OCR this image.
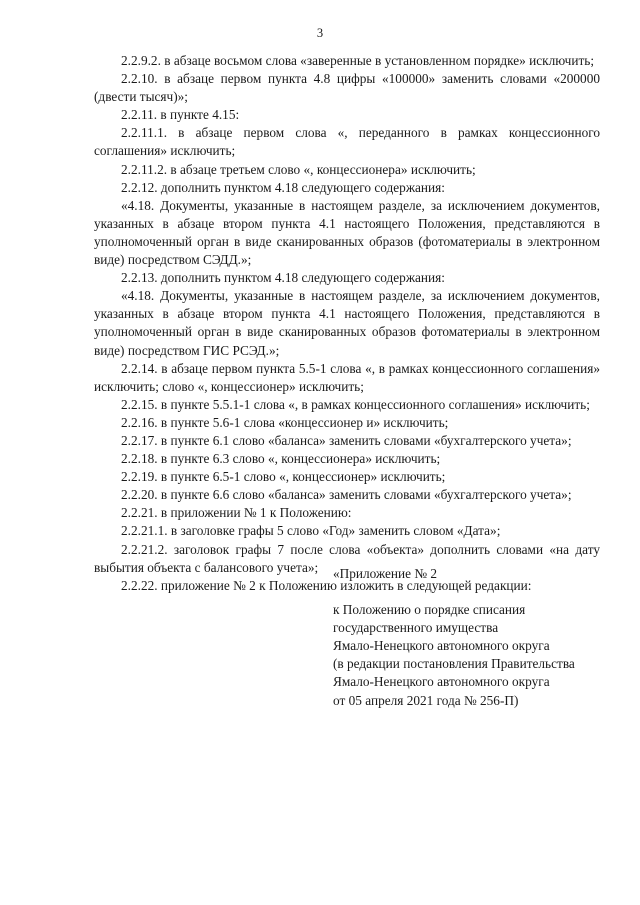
3

2.2.9.2. в абзаце восьмом слова «заверенные в установленном порядке» исключить;

2.2.10. в абзаце первом пункта 4.8 цифры «100000» заменить словами «200000 (двести тысяч)»;

2.2.11. в пункте 4.15:

2.2.11.1. в абзаце первом слова «, переданного в рамках концессионного соглашения» исключить;

2.2.11.2. в абзаце третьем слово «, концессионера» исключить;

2.2.12. дополнить пунктом 4.18 следующего содержания:

«4.18. Документы, указанные в настоящем разделе, за исключением документов, указанных в абзаце втором пункта 4.1 настоящего Положения, представляются в уполномоченный орган в виде сканированных образов (фотоматериалы в электронном виде) посредством СЭДД.»;

2.2.13. дополнить пунктом 4.18 следующего содержания:

«4.18. Документы, указанные в настоящем разделе, за исключением документов, указанных в абзаце втором пункта 4.1 настоящего Положения, представляются в уполномоченный орган в виде сканированных образов фотоматериалы в электронном виде) посредством ГИС РСЭД.»;

2.2.14. в абзаце первом пункта 5.5-1 слова «, в рамках концессионного соглашения» исключить; слово «, концессионер» исключить;

2.2.15. в пункте 5.5.1-1 слова «, в рамках концессионного соглашения» исключить;

2.2.16. в пункте 5.6-1 слова «концессионер и» исключить;

2.2.17. в пункте 6.1 слово «баланса» заменить словами «бухгалтерского учета»;

2.2.18. в пункте 6.3 слово «, концессионера» исключить;

2.2.19. в пункте 6.5-1 слово «, концессионер» исключить;

2.2.20. в пункте 6.6 слово «баланса» заменить словами «бухгалтерского учета»;

2.2.21. в приложении № 1 к Положению:

2.2.21.1. в заголовке графы 5 слово «Год» заменить словом «Дата»;

2.2.21.2. заголовок графы 7 после слова «объекта» дополнить словами «на дату выбытия объекта с балансового учета»;

2.2.22. приложение № 2 к Положению изложить в следующей редакции:

«Приложение № 2

к Положению о порядке списания

государственного имущества

Ямало-Ненецкого автономного округа

(в редакции постановления Правительства

Ямало-Ненецкого автономного округа

от 05 апреля 2021 года № 256-П)
